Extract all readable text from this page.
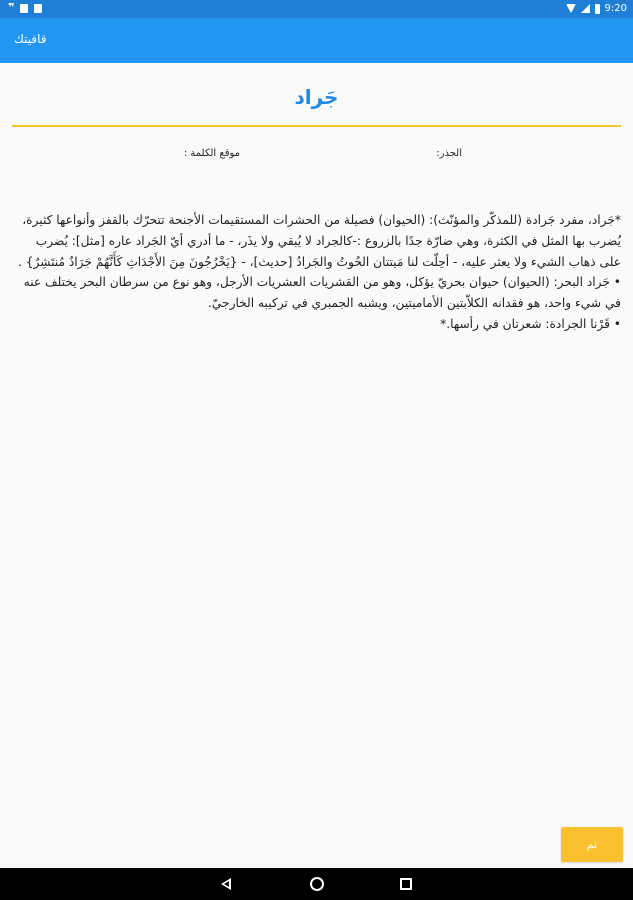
❞	9:20
قافيتك
جَراد
الجذر:
موقع الكلمة :
*جَراد، مفرد جَرادة (للمذكّر والمؤنّث): (الحيوان) فصيلة من الحشرات المستقيمات الأجنحة تتحرّك بالقفز وأنواعها كثيرة، يُضرب بها المثل في الكثرة، وهي ضارّة جدًا بالزروع :-كالجراد لا يُبقي ولا يذَر، - ما أدري أيّ الجَراد عاره [مثل]: يُضرب على ذهاب الشيء ولا يعثر عليه، - أحِلّت لنا مَيتتان الحُوتُ والجَرادُ [حديث]، - {يَخْرُجُونَ مِنَ الأَجْدَاثِ كَأَنَّهُمْ جَرَادٌ مُنتَشِرٌ} .
• جَراد البحر: (الحيوان) حيوان بحريّ يؤكل، وهو من القشريات العشريات الأرجل، وهو نوع من سرطان البحر يختلف عنه في شيء واحد، هو فقدانه الكلاّبتين الأماميتين، ويشبه الجمبري في تركيبه الخارجيّ.
• قَرْنا الجرادة: شعرتان في رأسها.*
تم
